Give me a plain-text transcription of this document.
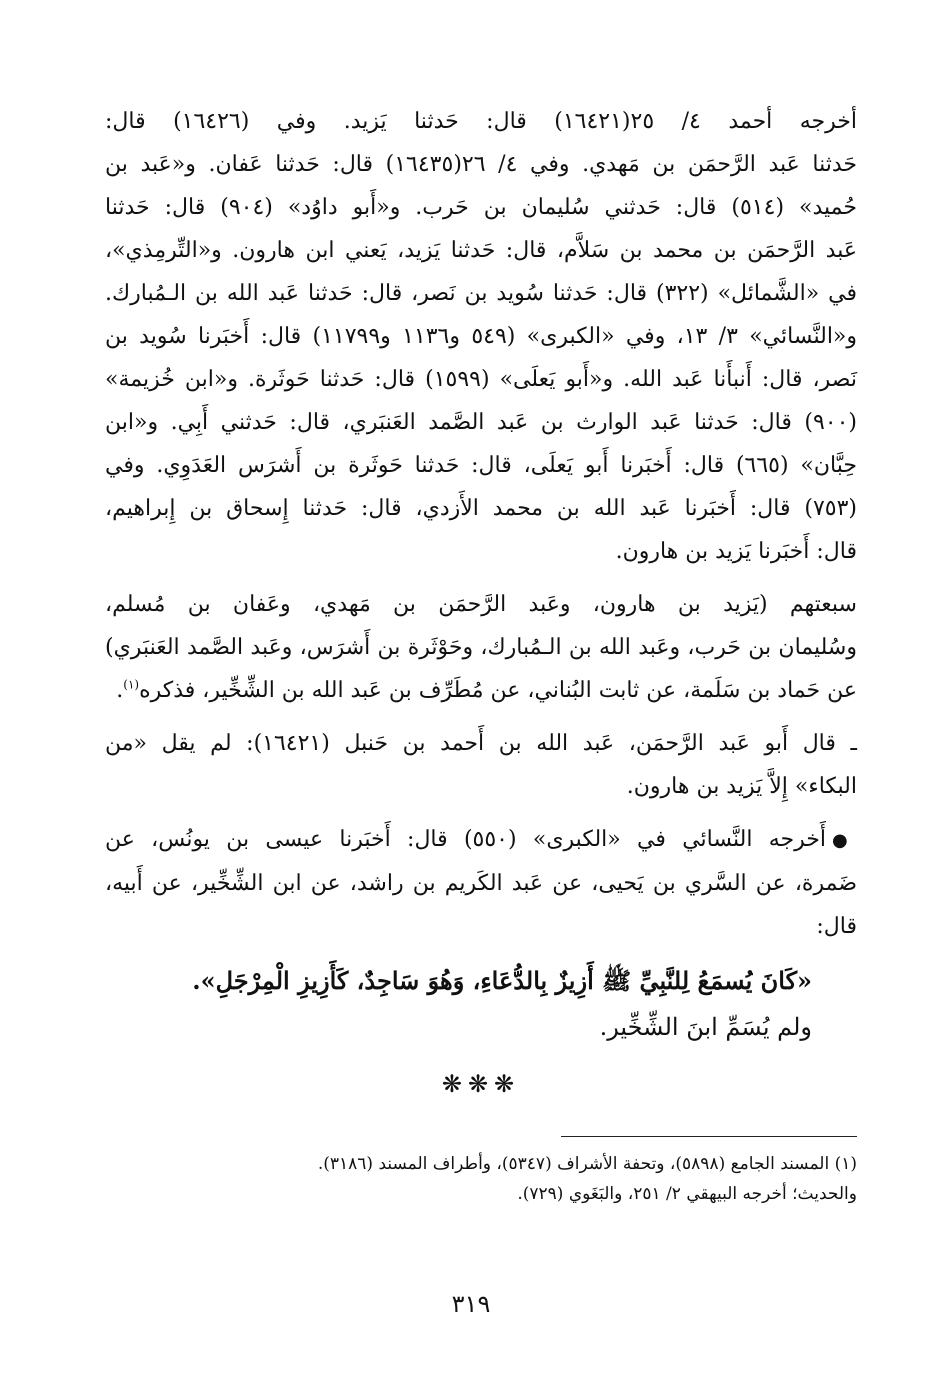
أخرجه أحمد ٤/ ٢٥(١٦٤٢١) قال: حَدثنا يَزيد. وفي (١٦٤٢٦) قال:
حَدثنا عَبد الرَّحمَن بن مَهدي. وفي ٤/ ٢٦(١٦٤٣٥) قال: حَدثنا عَفان. و«عَبد بن
حُميد» (٥١٤) قال: حَدثني سُليمان بن حَرب. و«أَبو داوُد» (٩٠٤) قال: حَدثنا
عَبد الرَّحمَن بن محمد بن سَلاَّم، قال: حَدثنا يَزيد، يَعني ابن هارون. و«التِّرمِذي»،
في «الشَّمائل» (٣٢٢) قال: حَدثنا سُويد بن نَصر، قال: حَدثنا عَبد الله بن الـمُبارك.
و«النَّسائي» ٣/ ١٣، وفي «الكبرى» (٥٤٩ و١١٣٦ و١١٧٩٩) قال: أَخبَرنا سُويد بن
نَصر، قال: أَنبأَنا عَبد الله. و«أَبو يَعلَى» (١٥٩٩) قال: حَدثنا حَوثَرة. و«ابن خُزيمة»
(٩٠٠) قال: حَدثنا عَبد الوارث بن عَبد الصَّمد العَنبَري، قال: حَدثني أَبِي. و«ابن
حِبَّان» (٦٦٥) قال: أَخبَرنا أَبو يَعلَى، قال: حَدثنا حَوثَرة بن أَشرَس العَدَوِي. وفي
(٧٥٣) قال: أَخبَرنا عَبد الله بن محمد الأَزدي، قال: حَدثنا إِسحاق بن إِبراهيم،
قال: أَخبَرنا يَزيد بن هارون.
سبعتهم (يَزيد بن هارون، وعَبد الرَّحمَن بن مَهدي، وعَفان بن مُسلم،
وسُليمان بن حَرب، وعَبد الله بن الـمُبارك، وحَوْثَرة بن أَشرَس، وعَبد الصَّمد العَنبَري)
عن حَماد بن سَلَمة، عن ثابت البُناني، عن مُطَرِّف بن عَبد الله بن الشِّخِّير، فذكره$^{(١)}$.
ـ قال أَبو عَبد الرَّحمَن، عَبد الله بن أَحمد بن حَنبل (١٦٤٢١): لم يقل «من
البكاء» إِلاَّ يَزيد بن هارون.
●أَخرجه النَّسائي في «الكبرى» (٥٥٠) قال: أَخبَرنا عيسى بن يونُس، عن
ضَمرة، عن السَّري بن يَحيى، عن عَبد الكَريم بن راشد، عن ابن الشِّخِّير، عن أَبيه،
قال:
«كَانَ يُسمَعُ لِلنَّبِيِّ ﷺ أَزِيزٌ بِالدُّعَاءِ، وَهُوَ سَاجِدٌ، كَأَزِيزِ الْمِرْجَلِ».
ولم يُسَمِّ ابنَ الشِّخِّير.
❋❋❋
(١) المسند الجامع (٥٨٩٨)، وتحفة الأشراف (٥٣٤٧)، وأطراف المسند (٣١٨٦).
والحديث؛ أخرجه البيهقي ٢/ ٢٥١، والبَغَوي (٧٢٩).
٣١٩
